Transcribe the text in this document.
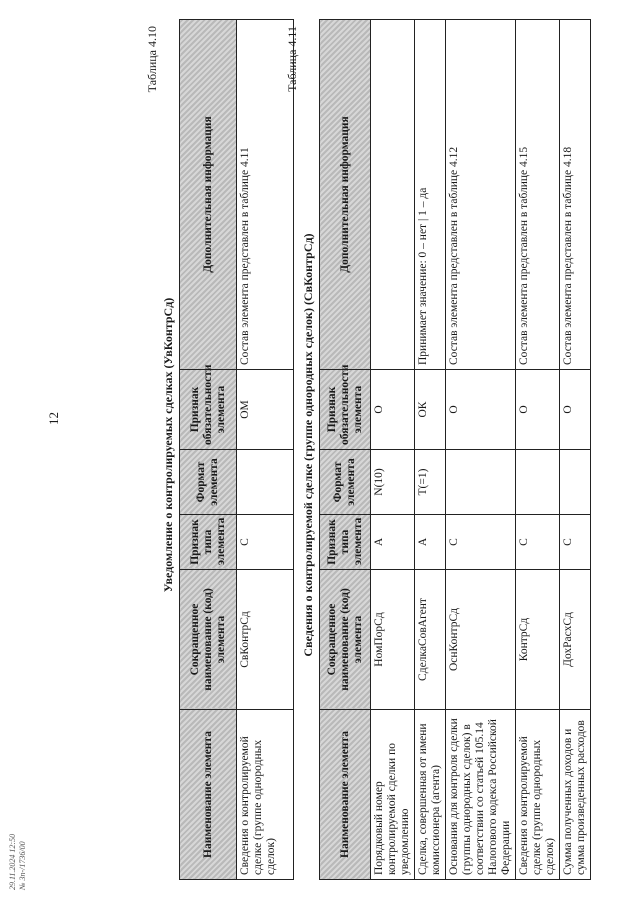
12
29.11.2024 12:50 № Зп-/1736/00
Таблица 4.10
Уведомление о контролируемых сделках (УвКонтрСд)
Наименование элемента	Сокращенное наименование (код) элемента	Признак типа элемента	Формат элемента	Признак обязательности элемента	Дополнительная информация
Сведения о контролируемой сделке (группе однородных сделок)	СвКонтрСд	С		ОМ	Состав элемента представлен в таблице 4.11
Таблица 4.11
Сведения о контролируемой сделке (группе однородных сделок) (СвКонтрСд)
Наименование элемента	Сокращенное наименование (код) элемента	Признак типа элемента	Формат элемента	Признак обязательности элемента	Дополнительная информация
Порядковый номер контролируемой сделки по уведомлению	НомПорСд	А	N(10)	О	
Сделка, совершенная от имени комиссионера (агента)	СделкаСовАгент	А	T(=1)	ОК	Принимает значение: 0 – нет | 1 – да
Основания для контроля сделки (группы однородных сделок) в соответствии со статьей 105.14 Налогового кодекса Российской Федерации	ОснКонтрСд	С		О	Состав элемента представлен в таблице 4.12
Сведения о контролируемой сделке (группе однородных сделок)	КонтрСд	С		О	Состав элемента представлен в таблице 4.15
Сумма полученных доходов и сумма произведенных расходов	ДохРасхСд	С		О	Состав элемента представлен в таблице 4.18
